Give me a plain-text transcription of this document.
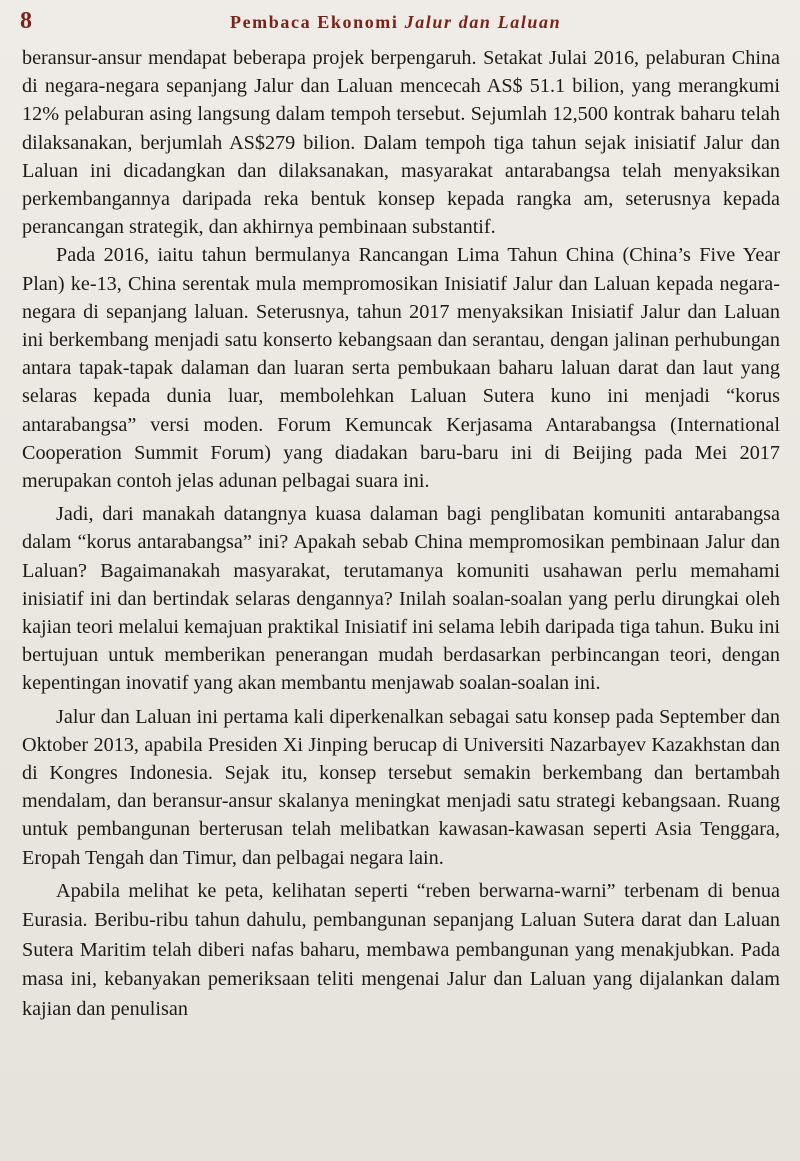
8	Pembaca Ekonomi Jalur dan Laluan

beransur-ansur mendapat beberapa projek berpengaruh. Setakat Julai 2016, pelaburan China di negara-negara sepanjang Jalur dan Laluan mencecah AS$ 51.1 bilion, yang merangkumi 12% pelaburan asing langsung dalam tempoh tersebut. Sejumlah 12,500 kontrak baharu telah dilaksanakan, berjumlah AS$279 bilion. Dalam tempoh tiga tahun sejak inisiatif Jalur dan Laluan ini dicadangkan dan dilaksanakan, masyarakat antarabangsa telah menyaksikan perkembangannya daripada reka bentuk konsep kepada rangka am, seterusnya kepada perancangan strategik, dan akhirnya pembinaan substantif.

Pada 2016, iaitu tahun bermulanya Rancangan Lima Tahun China (China’s Five Year Plan) ke-13, China serentak mula mempromosikan Inisiatif Jalur dan Laluan kepada negara-negara di sepanjang laluan. Seterusnya, tahun 2017 menyaksikan Inisiatif Jalur dan Laluan ini berkembang menjadi satu konserto kebangsaan dan serantau, dengan jalinan perhubungan antara tapak-tapak dalaman dan luaran serta pembukaan baharu laluan darat dan laut yang selaras kepada dunia luar, membolehkan Laluan Sutera kuno ini menjadi “korus antarabangsa” versi moden. Forum Kemuncak Kerjasama Antarabangsa (International Cooperation Summit Forum) yang diadakan baru-baru ini di Beijing pada Mei 2017 merupakan contoh jelas adunan pelbagai suara ini.

Jadi, dari manakah datangnya kuasa dalaman bagi penglibatan komuniti antarabangsa dalam “korus antarabangsa” ini? Apakah sebab China mempromosikan pembinaan Jalur dan Laluan? Bagaimanakah masyarakat, terutamanya komuniti usahawan perlu memahami inisiatif ini dan bertindak selaras dengannya? Inilah soalan-soalan yang perlu dirungkai oleh kajian teori melalui kemajuan praktikal Inisiatif ini selama lebih daripada tiga tahun. Buku ini bertujuan untuk memberikan penerangan mudah berdasarkan perbincangan teori, dengan kepentingan inovatif yang akan membantu menjawab soalan-soalan ini.

Jalur dan Laluan ini pertama kali diperkenalkan sebagai satu konsep pada September dan Oktober 2013, apabila Presiden Xi Jinping berucap di Universiti Nazarbayev Kazakhstan dan di Kongres Indonesia. Sejak itu, konsep tersebut semakin berkembang dan bertambah mendalam, dan beransur-ansur skalanya meningkat menjadi satu strategi kebangsaan. Ruang untuk pembangunan berterusan telah melibatkan kawasan-kawasan seperti Asia Tenggara, Eropah Tengah dan Timur, dan pelbagai negara lain.

Apabila melihat ke peta, kelihatan seperti “reben berwarna-warni” terbenam di benua Eurasia. Beribu-ribu tahun dahulu, pembangunan sepanjang Laluan Sutera darat dan Laluan Sutera Maritim telah diberi nafas baharu, membawa pembangunan yang menakjubkan. Pada masa ini, kebanyakan pemeriksaan teliti mengenai Jalur dan Laluan yang dijalankan dalam kajian dan penulisan
